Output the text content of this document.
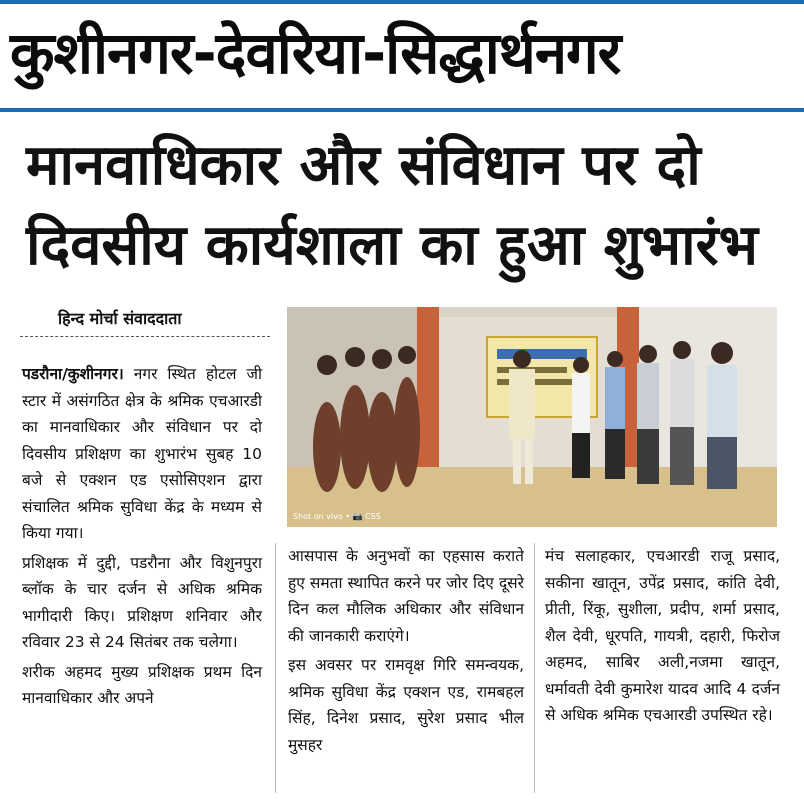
कुशीनगर-देवरिया-सिद्धार्थनगर
मानवाधिकार और संविधान पर दो
दिवसीय कार्यशाला का हुआ शुभारंभ
हिन्द मोर्चा संवाददाता
Shot on vivo • 📷 CSS

पडरौना/कुशीनगर। नगर स्थित होटल जी स्टार में असंगठित क्षेत्र के श्रमिक एचआरडी का मानवाधिकार और संविधान पर दो दिवसीय प्रशिक्षण का शुभारंभ सुबह 10 बजे से एक्शन एड एसोसिएशन द्वारा संचालित श्रमिक सुविधा केंद्र के मध्यम से किया गया।

प्रशिक्षक में दुद्दी, पडरौना और विशुनपुरा ब्लॉक के चार दर्जन से अधिक श्रमिक भागीदारी किए। प्रशिक्षण शनिवार और रविवार 23 से 24 सितंबर तक चलेगा।

शरीक अहमद मुख्य प्रशिक्षक प्रथम दिन मानवाधिकार और अपने

आसपास के अनुभवों का एहसास कराते हुए समता स्थापित करने पर जोर दिए दूसरे दिन कल मौलिक अधिकार और संविधान की जानकारी कराएंगे।

इस अवसर पर रामवृक्ष गिरि समन्वयक, श्रमिक सुविधा केंद्र एक्शन एड, रामबहल सिंह, दिनेश प्रसाद, सुरेश प्रसाद भील मुसहर

मंच सलाहकार, एचआरडी राजू प्रसाद, सकीना खातून, उपेंद्र प्रसाद, कांति देवी, प्रीती, रिंकू, सुशीला, प्रदीप, शर्मा प्रसाद, शैल देवी, धूरपति, गायत्री, दहारी, फिरोज अहमद, साबिर अली,नजमा खातून, धर्मावती देवी कुमारेश यादव आदि 4 दर्जन से अधिक श्रमिक एचआरडी उपस्थित रहे।
